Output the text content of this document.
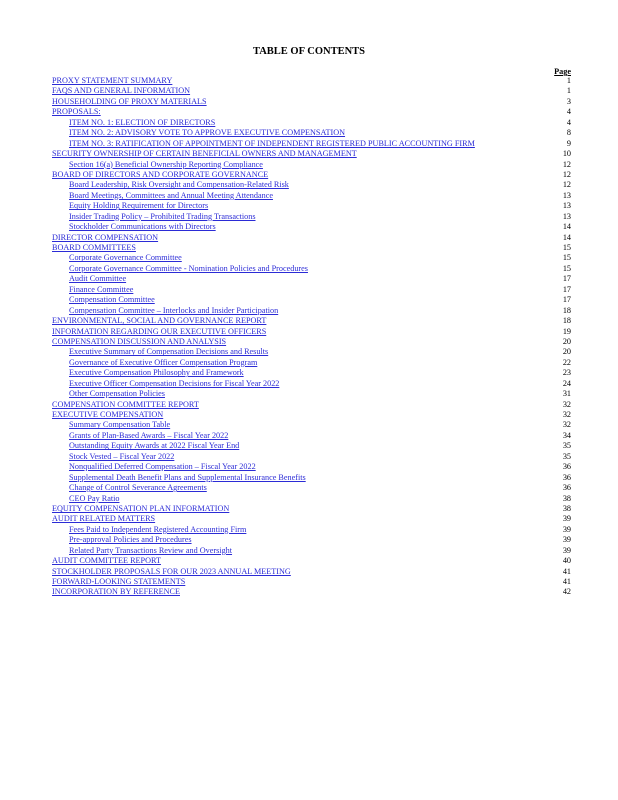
TABLE OF CONTENTS
Page
PROXY STATEMENT SUMMARY	1
FAQS AND GENERAL INFORMATION	1
HOUSEHOLDING OF PROXY MATERIALS	3
PROPOSALS:	4
ITEM NO. 1: ELECTION OF DIRECTORS	4
ITEM NO. 2: ADVISORY VOTE TO APPROVE EXECUTIVE COMPENSATION	8
ITEM NO. 3: RATIFICATION OF APPOINTMENT OF INDEPENDENT REGISTERED PUBLIC ACCOUNTING FIRM	9
SECURITY OWNERSHIP OF CERTAIN BENEFICIAL OWNERS AND MANAGEMENT	10
Section 16(a) Beneficial Ownership Reporting Compliance	12
BOARD OF DIRECTORS AND CORPORATE GOVERNANCE	12
Board Leadership, Risk Oversight and Compensation-Related Risk	12
Board Meetings, Committees and Annual Meeting Attendance	13
Equity Holding Requirement for Directors	13
Insider Trading Policy – Prohibited Trading Transactions	13
Stockholder Communications with Directors	14
DIRECTOR COMPENSATION	14
BOARD COMMITTEES	15
Corporate Governance Committee	15
Corporate Governance Committee - Nomination Policies and Procedures	15
Audit Committee	17
Finance Committee	17
Compensation Committee	17
Compensation Committee – Interlocks and Insider Participation	18
ENVIRONMENTAL, SOCIAL AND GOVERNANCE REPORT	18
INFORMATION REGARDING OUR EXECUTIVE OFFICERS	19
COMPENSATION DISCUSSION AND ANALYSIS	20
Executive Summary of Compensation Decisions and Results	20
Governance of Executive Officer Compensation Program	22
Executive Compensation Philosophy and Framework	23
Executive Officer Compensation Decisions for Fiscal Year 2022	24
Other Compensation Policies	31
COMPENSATION COMMITTEE REPORT	32
EXECUTIVE COMPENSATION	32
Summary Compensation Table	32
Grants of Plan-Based Awards – Fiscal Year 2022	34
Outstanding Equity Awards at 2022 Fiscal Year End	35
Stock Vested – Fiscal Year 2022	35
Nonqualified Deferred Compensation – Fiscal Year 2022	36
Supplemental Death Benefit Plans and Supplemental Insurance Benefits	36
Change of Control Severance Agreements	36
CEO Pay Ratio	38
EQUITY COMPENSATION PLAN INFORMATION	38
AUDIT RELATED MATTERS	39
Fees Paid to Independent Registered Accounting Firm	39
Pre-approval Policies and Procedures	39
Related Party Transactions Review and Oversight	39
AUDIT COMMITTEE REPORT	40
STOCKHOLDER PROPOSALS FOR OUR 2023 ANNUAL MEETING	41
FORWARD-LOOKING STATEMENTS	41
INCORPORATION BY REFERENCE	42
